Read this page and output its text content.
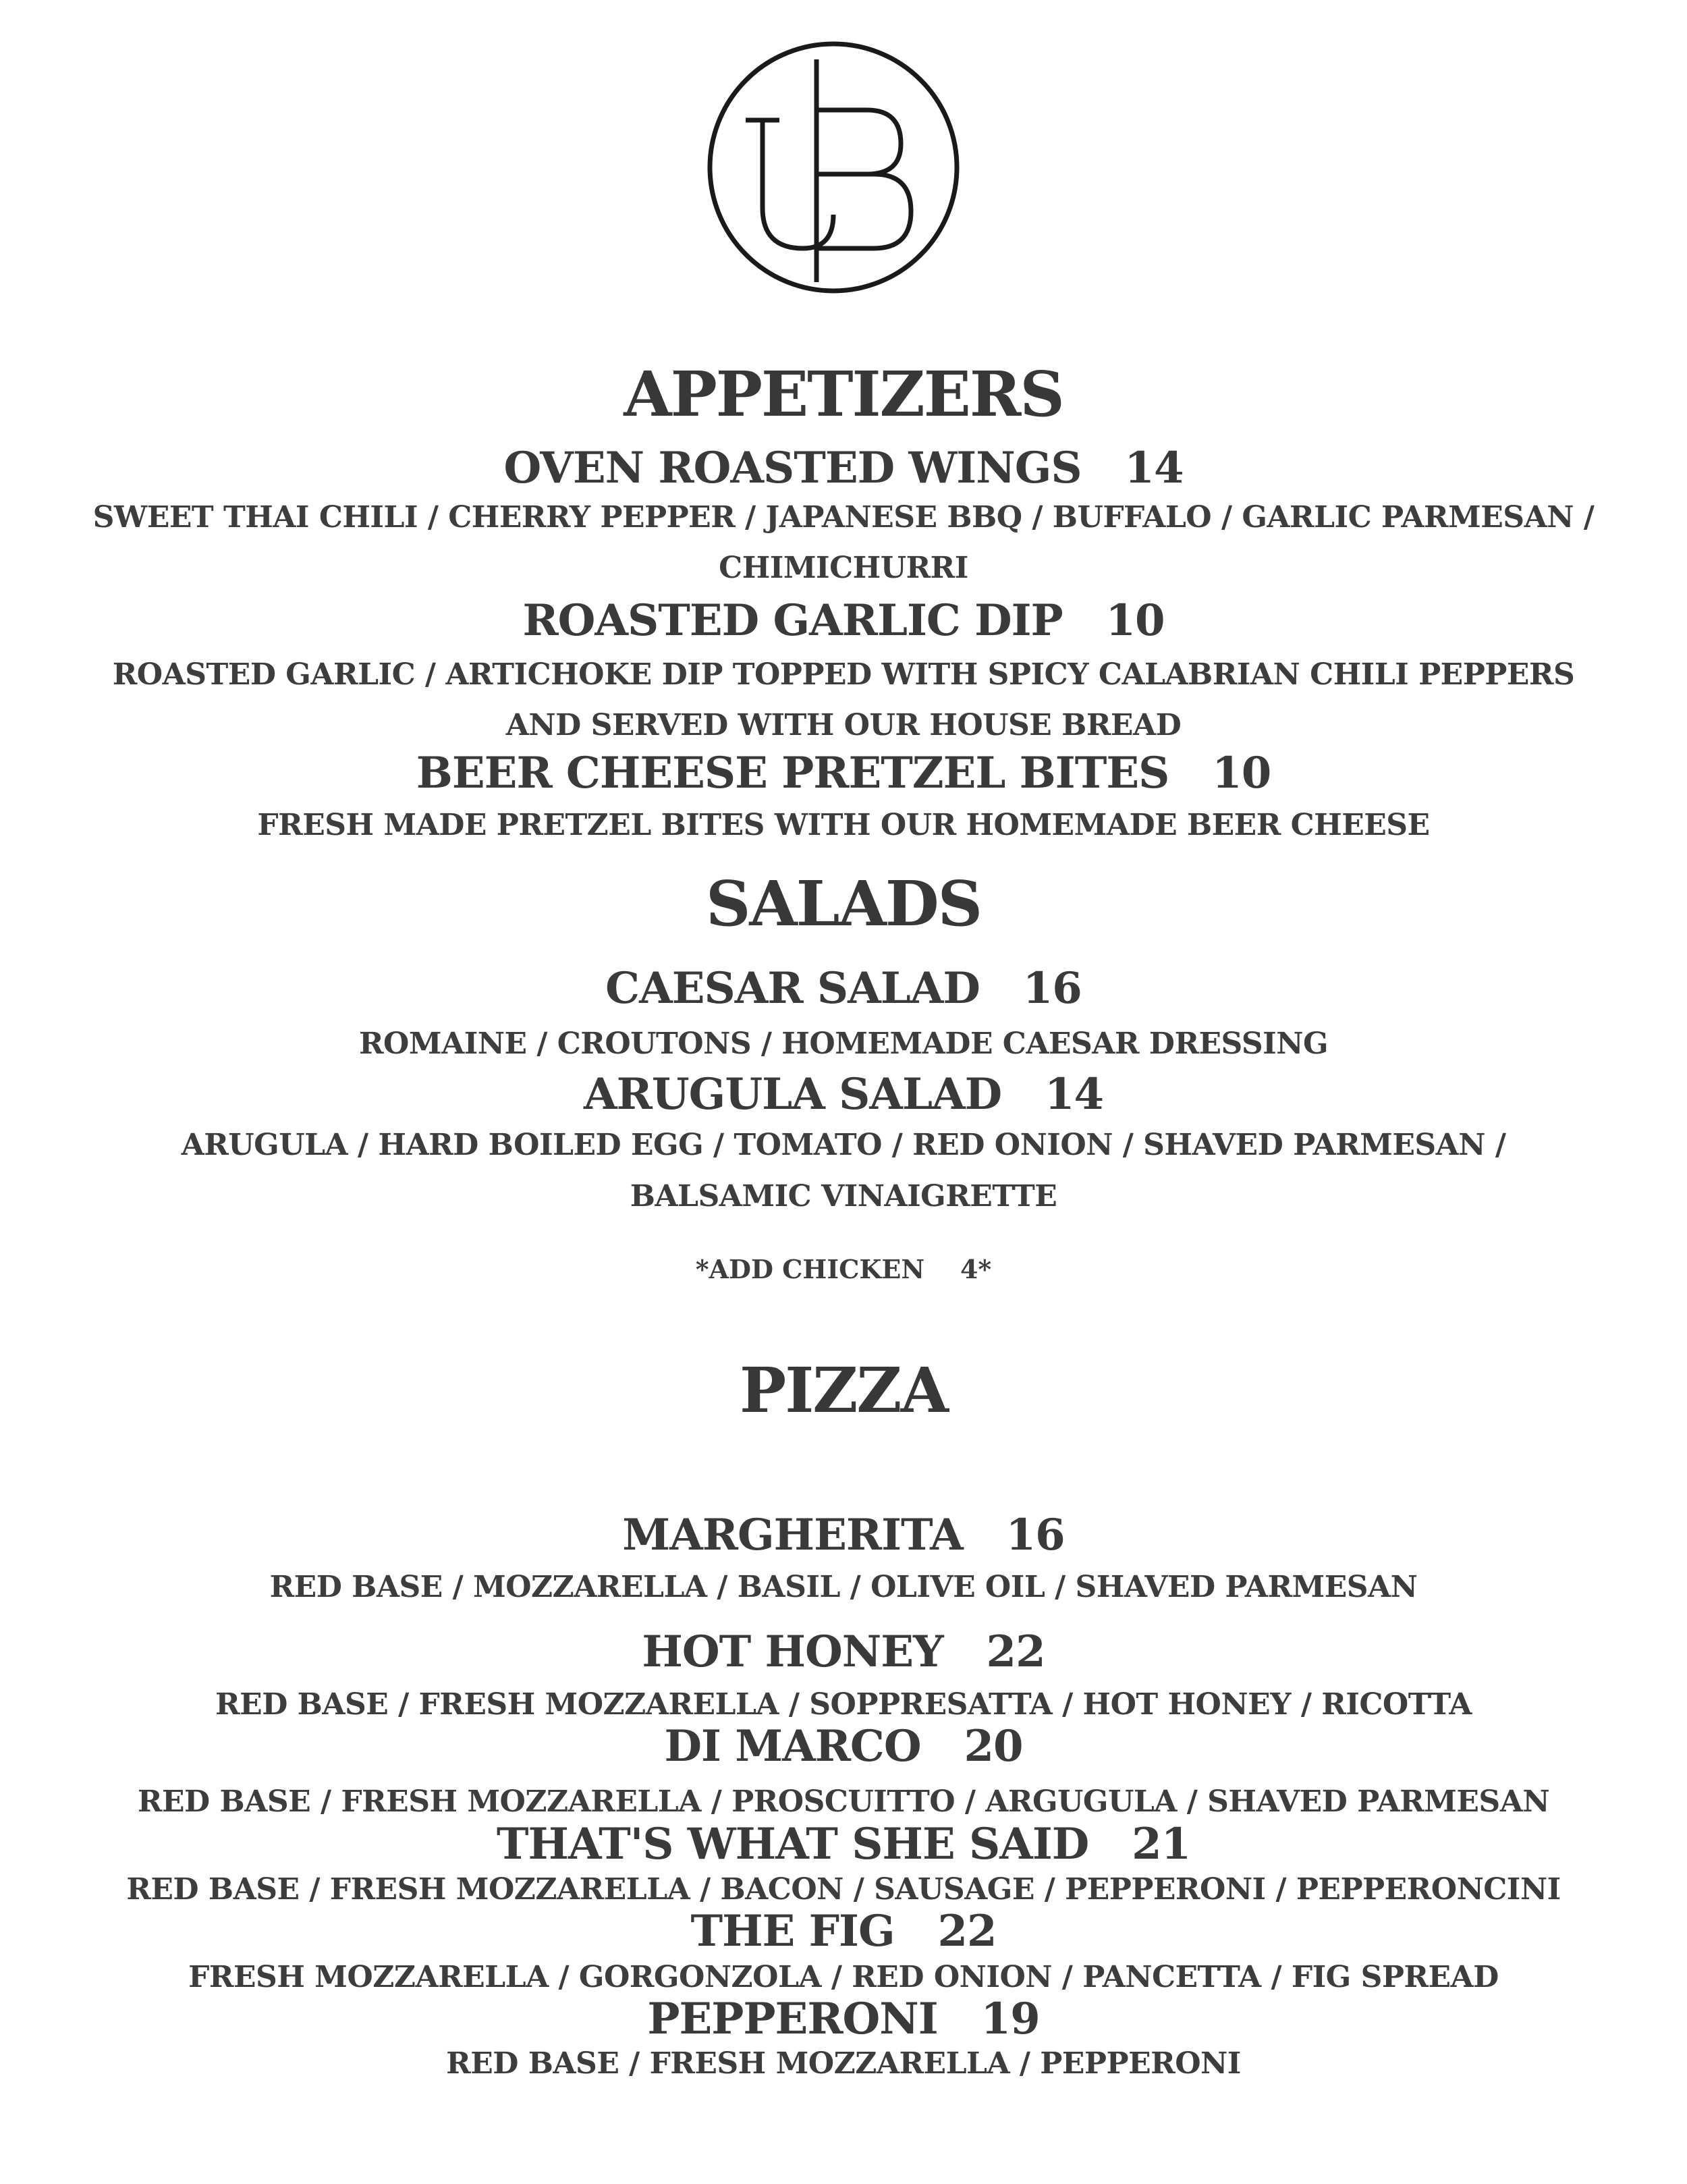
APPETIZERS
OVEN ROASTED WINGS   14
SWEET THAI CHILI / CHERRY PEPPER / JAPANESE BBQ / BUFFALO / GARLIC PARMESAN /
CHIMICHURRI
ROASTED GARLIC DIP   10
ROASTED GARLIC / ARTICHOKE DIP TOPPED WITH SPICY CALABRIAN CHILI PEPPERS
AND SERVED WITH OUR HOUSE BREAD
BEER CHEESE PRETZEL BITES   10
FRESH MADE PRETZEL BITES WITH OUR HOMEMADE BEER CHEESE
SALADS
CAESAR SALAD   16
ROMAINE / CROUTONS / HOMEMADE CAESAR DRESSING
ARUGULA SALAD   14
ARUGULA / HARD BOILED EGG / TOMATO / RED ONION / SHAVED PARMESAN /
BALSAMIC VINAIGRETTE
*ADD CHICKEN    4*
PIZZA
MARGHERITA   16
RED BASE / MOZZARELLA / BASIL / OLIVE OIL / SHAVED PARMESAN
HOT HONEY   22
RED BASE / FRESH MOZZARELLA / SOPPRESATTA / HOT HONEY / RICOTTA
DI MARCO   20
RED BASE / FRESH MOZZARELLA / PROSCUITTO / ARGUGULA / SHAVED PARMESAN
THAT'S WHAT SHE SAID   21
RED BASE / FRESH MOZZARELLA / BACON / SAUSAGE / PEPPERONI / PEPPERONCINI
THE FIG   22
FRESH MOZZARELLA / GORGONZOLA / RED ONION / PANCETTA / FIG SPREAD
PEPPERONI   19
RED BASE / FRESH MOZZARELLA / PEPPERONI
